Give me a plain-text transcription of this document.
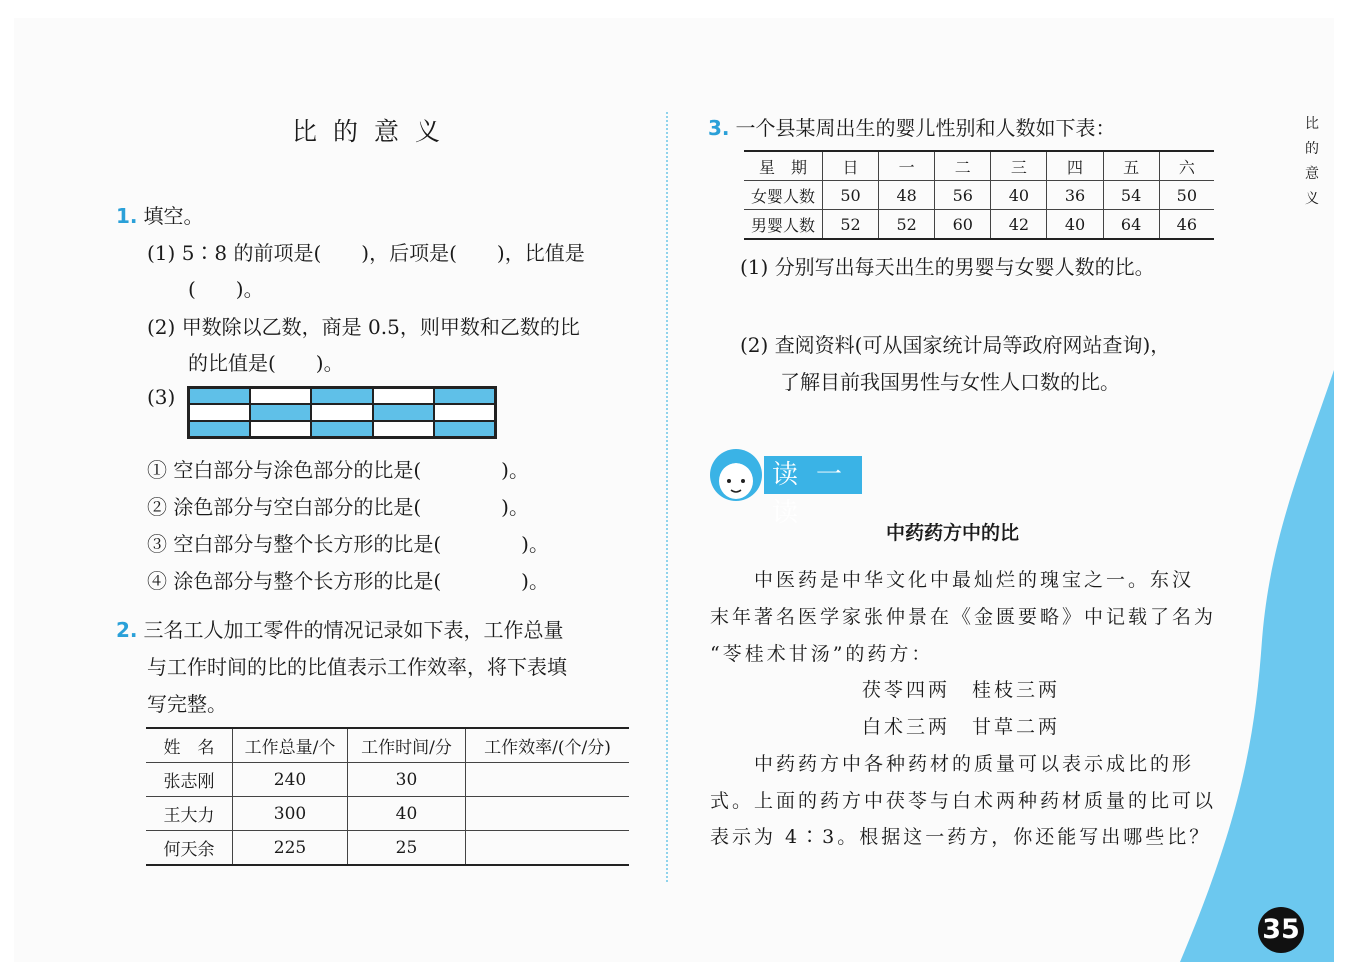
比的意义
1. 填空。
(1) 5∶8 的前项是(　　)，后项是(　　)，比值是
(　　)。
(2) 甲数除以乙数，商是 0.5，则甲数和乙数的比
的比值是(　　)。
(3)
① 空白部分与涂色部分的比是(　　　　)。
② 涂色部分与空白部分的比是(　　　　)。
③ 空白部分与整个长方形的比是(　　　　)。
④ 涂色部分与整个长方形的比是(　　　　)。
2. 三名工人加工零件的情况记录如下表，工作总量
与工作时间的比的比值表示工作效率，将下表填
写完整。
姓　名	工作总量/个	工作时间/分	工作效率/(个/分)
张志刚	240	30	
王大力	300	40	
何天余	225	25	
3. 一个县某周出生的婴儿性别和人数如下表：
星　期	日	一	二	三	四	五	六
女婴人数	50	48	56	40	36	54	50
男婴人数	52	52	60	42	40	64	46
(1) 分别写出每天出生的男婴与女婴人数的比。
(2) 查阅资料(可从国家统计局等政府网站查询)，
了解目前我国男性与女性人口数的比。
读一读
中药药方中的比
中医药是中华文化中最灿烂的瑰宝之一。东汉
末年著名医学家张仲景在《金匮要略》中记载了名为
“苓桂术甘汤”的药方：
茯苓四两　桂枝三两
白术三两　甘草二两
中药药方中各种药材的质量可以表示成比的形
式。上面的药方中茯苓与白术两种药材质量的比可以
表示为 4∶3。根据这一药方，你还能写出哪些比？
比的意义
35
